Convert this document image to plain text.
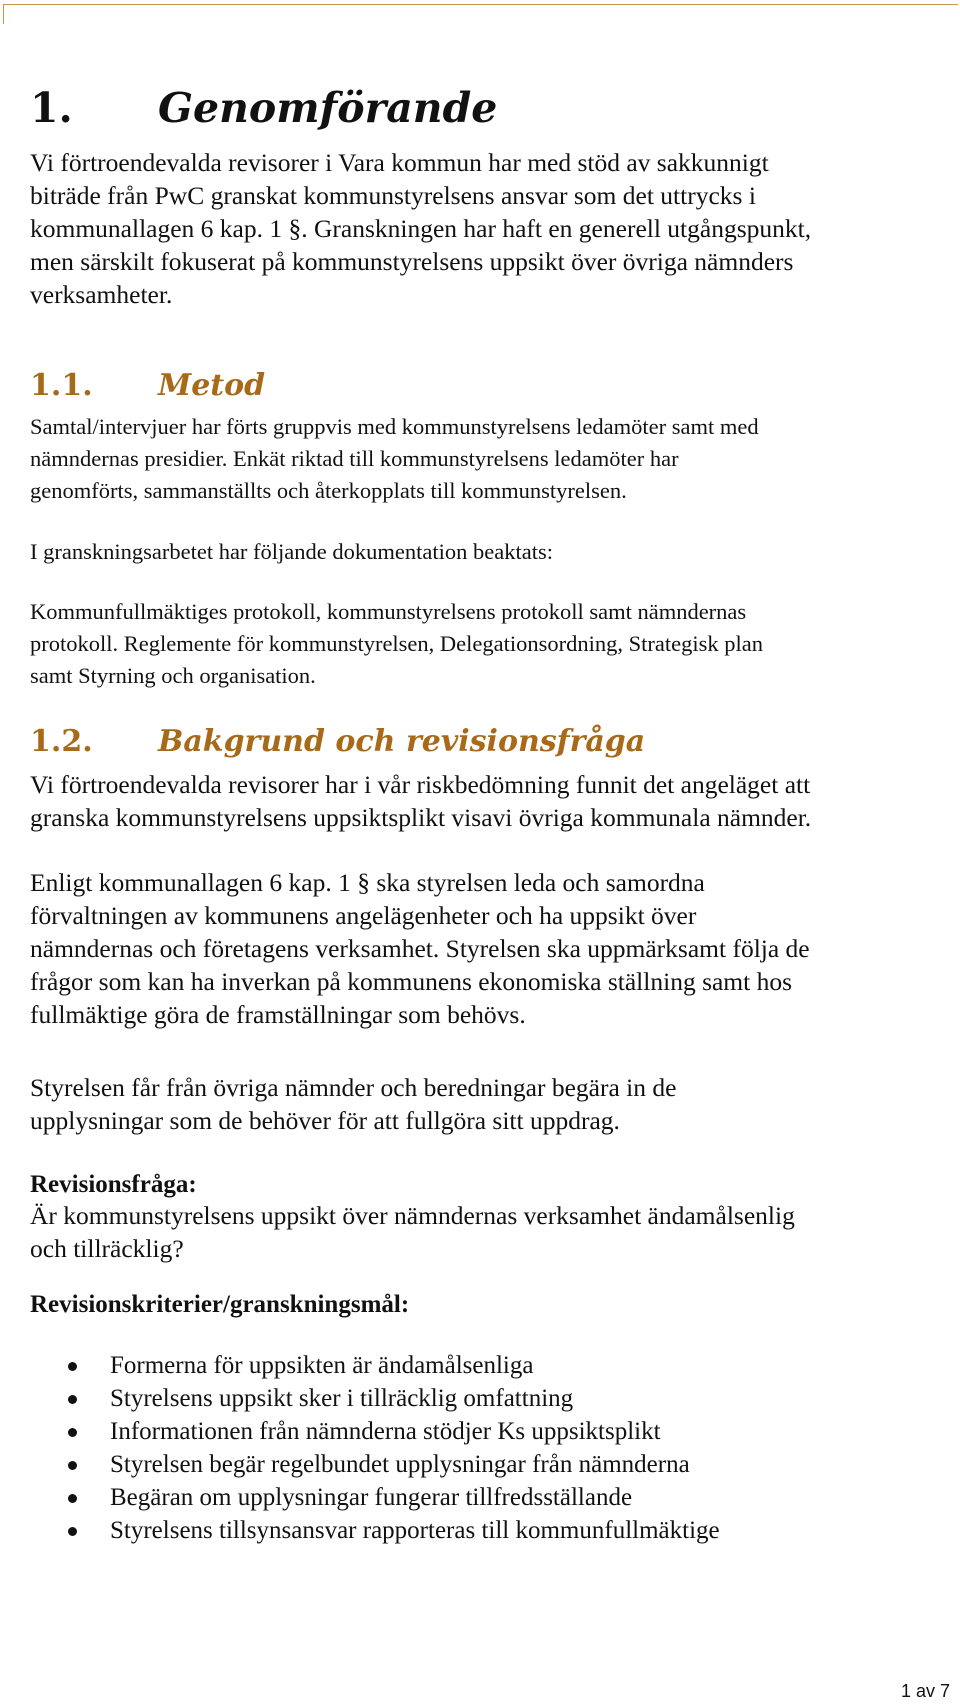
1. Genomförande
Vi förtroendevalda revisorer i Vara kommun har med stöd av sakkunnigt
biträde från PwC granskat kommunstyrelsens ansvar som det uttrycks i
kommunallagen 6 kap. 1 §. Granskningen har haft en generell utgångspunkt,
men särskilt fokuserat på kommunstyrelsens uppsikt över övriga nämnders
verksamheter.
1.1. Metod
Samtal/intervjuer har förts gruppvis med kommunstyrelsens ledamöter samt med
nämndernas presidier. Enkät riktad till kommunstyrelsens ledamöter har
genomförts, sammanställts och återkopplats till kommunstyrelsen.
I granskningsarbetet har följande dokumentation beaktats:
Kommunfullmäktiges protokoll, kommunstyrelsens protokoll samt nämndernas
protokoll. Reglemente för kommunstyrelsen, Delegationsordning, Strategisk plan
samt Styrning och organisation.
1.2. Bakgrund och revisionsfråga
Vi förtroendevalda revisorer har i vår riskbedömning funnit det angeläget att
granska kommunstyrelsens uppsiktsplikt visavi övriga kommunala nämnder.
Enligt kommunallagen 6 kap. 1 § ska styrelsen leda och samordna
förvaltningen av kommunens angelägenheter och ha uppsikt över
nämndernas och företagens verksamhet. Styrelsen ska uppmärksamt följa de
frågor som kan ha inverkan på kommunens ekonomiska ställning samt hos
fullmäktige göra de framställningar som behövs.
Styrelsen får från övriga nämnder och beredningar begära in de
upplysningar som de behöver för att fullgöra sitt uppdrag.
Revisionsfråga:
Är kommunstyrelsens uppsikt över nämndernas verksamhet ändamålsenlig
och tillräcklig?
Revisionskriterier/granskningsmål:
Formerna för uppsikten är ändamålsenliga
Styrelsens uppsikt sker i tillräcklig omfattning
Informationen från nämnderna stödjer Ks uppsiktsplikt
Styrelsen begär regelbundet upplysningar från nämnderna
Begäran om upplysningar fungerar tillfredsställande
Styrelsens tillsynsansvar rapporteras till kommunfullmäktige
1 av 7
